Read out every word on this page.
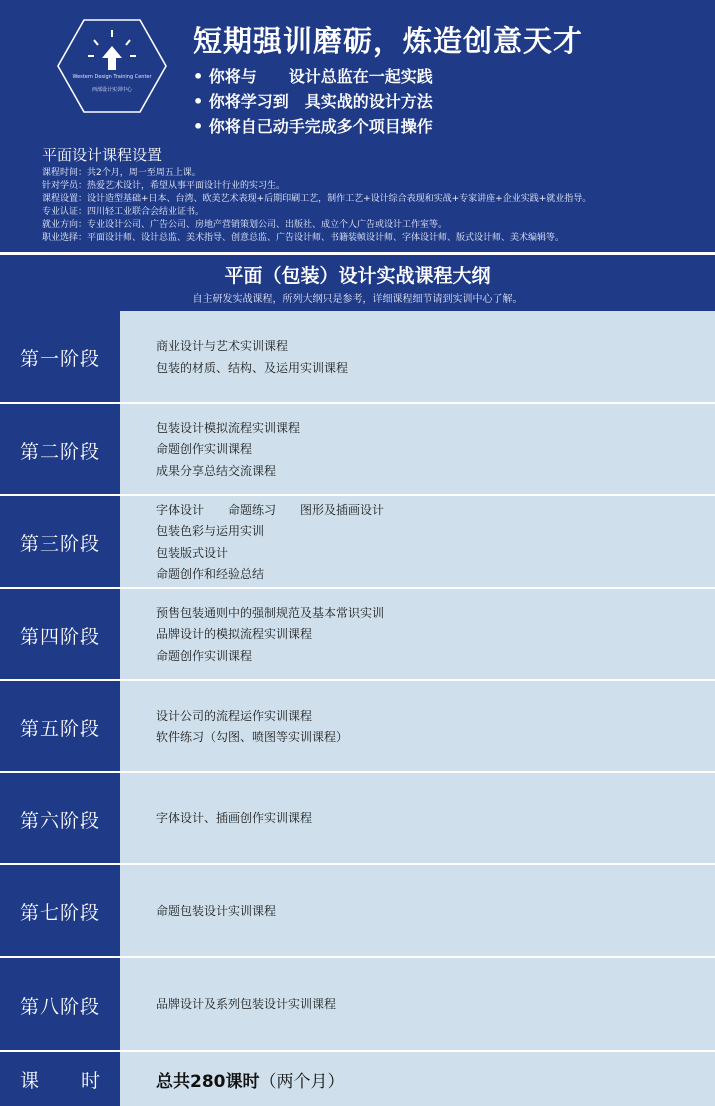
Western Design Training Center
西部设计实训中心
短期强训磨砺，炼造创意天才
• 你将与　　设计总监在一起实践
• 你将学习到　具实战的设计方法
• 你将自己动手完成多个项目操作
平面设计课程设置
课程时间：共2个月，周一至周五上课。
针对学员：热爱艺术设计，希望从事平面设计行业的实习生。
课程设置：设计造型基础+日本、台湾、欧美艺术表现+后期印刷工艺，制作工艺+设计综合表现和实战+专家讲座+企业实践+就业指导。
专业认证：四川轻工业联合会结业证书。
就业方向：专业设计公司、广告公司、房地产营销策划公司、出版社、成立个人广告或设计工作室等。
职业选择：平面设计师、设计总监、美术指导、创意总监、广告设计师、书籍装帧设计师、字体设计师、版式设计师、美术编辑等。
平面（包装）设计实战课程大纲
自主研发实战课程，所列大纲只是参考，详细课程细节请到实训中心了解。
第一阶段
商业设计与艺术实训课程
包装的材质、结构、及运用实训课程
第二阶段
包装设计模拟流程实训课程
命题创作实训课程
成果分享总结交流课程
第三阶段
字体设计　　命题练习　　图形及插画设计
包装色彩与运用实训
包装版式设计
命题创作和经验总结
第四阶段
预售包装通则中的强制规范及基本常识实训
品牌设计的模拟流程实训课程
命题创作实训课程
第五阶段
设计公司的流程运作实训课程
软件练习（勾图、喷图等实训课程）
第六阶段	字体设计、插画创作实训课程
第七阶段	命题包装设计实训课程
第八阶段	品牌设计及系列包装设计实训课程
课 时	总共280课时 （两个月）
